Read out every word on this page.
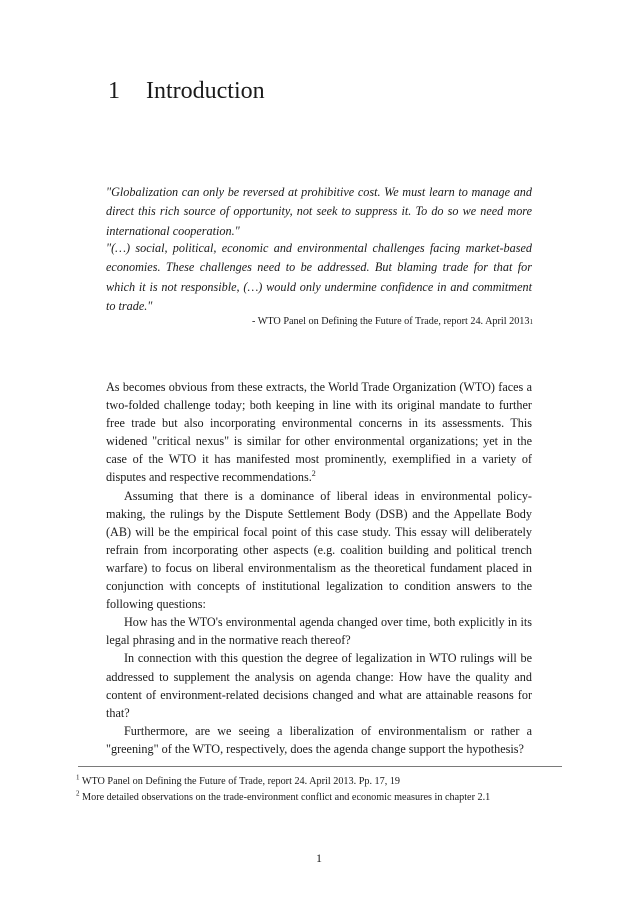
1 Introduction
"Globalization can only be reversed at prohibitive cost. We must learn to manage and direct this rich source of opportunity, not seek to suppress it. To do so we need more international cooperation."
"(…) social, political, economic and environmental challenges facing market-based economies. These challenges need to be addressed. But blaming trade for that for which it is not responsible, (…) would only undermine confidence in and commitment to trade."
- WTO Panel on Defining the Future of Trade, report 24. April 2013$^1$

As becomes obvious from these extracts, the World Trade Organization (WTO) faces a two-folded challenge today; both keeping in line with its original mandate to further free trade but also incorporating environmental concerns in its assessments. This widened "critical nexus" is similar for other environmental organizations; yet in the case of the WTO it has manifested most prominently, exemplified in a variety of disputes and respective recommendations.$^2$

Assuming that there is a dominance of liberal ideas in environmental policy-making, the rulings by the Dispute Settlement Body (DSB) and the Appellate Body (AB) will be the empirical focal point of this case study. This essay will deliberately refrain from incorporating other aspects (e.g. coalition building and political trench warfare) to focus on liberal environmentalism as the theoretical fundament placed in conjunction with concepts of institutional legalization to condition answers to the following questions:

How has the WTO's environmental agenda changed over time, both explicitly in its legal phrasing and in the normative reach thereof?

In connection with this question the degree of legalization in WTO rulings will be addressed to supplement the analysis on agenda change: How have the quality and content of environment-related decisions changed and what are attainable reasons for that?

Furthermore, are we seeing a liberalization of environmentalism or rather a "greening" of the WTO, respectively, does the agenda change support the hypothesis?

$^1$ WTO Panel on Defining the Future of Trade, report 24. April 2013. Pp. 17, 19
$^2$ More detailed observations on the trade-environment conflict and economic measures in chapter 2.1
1
